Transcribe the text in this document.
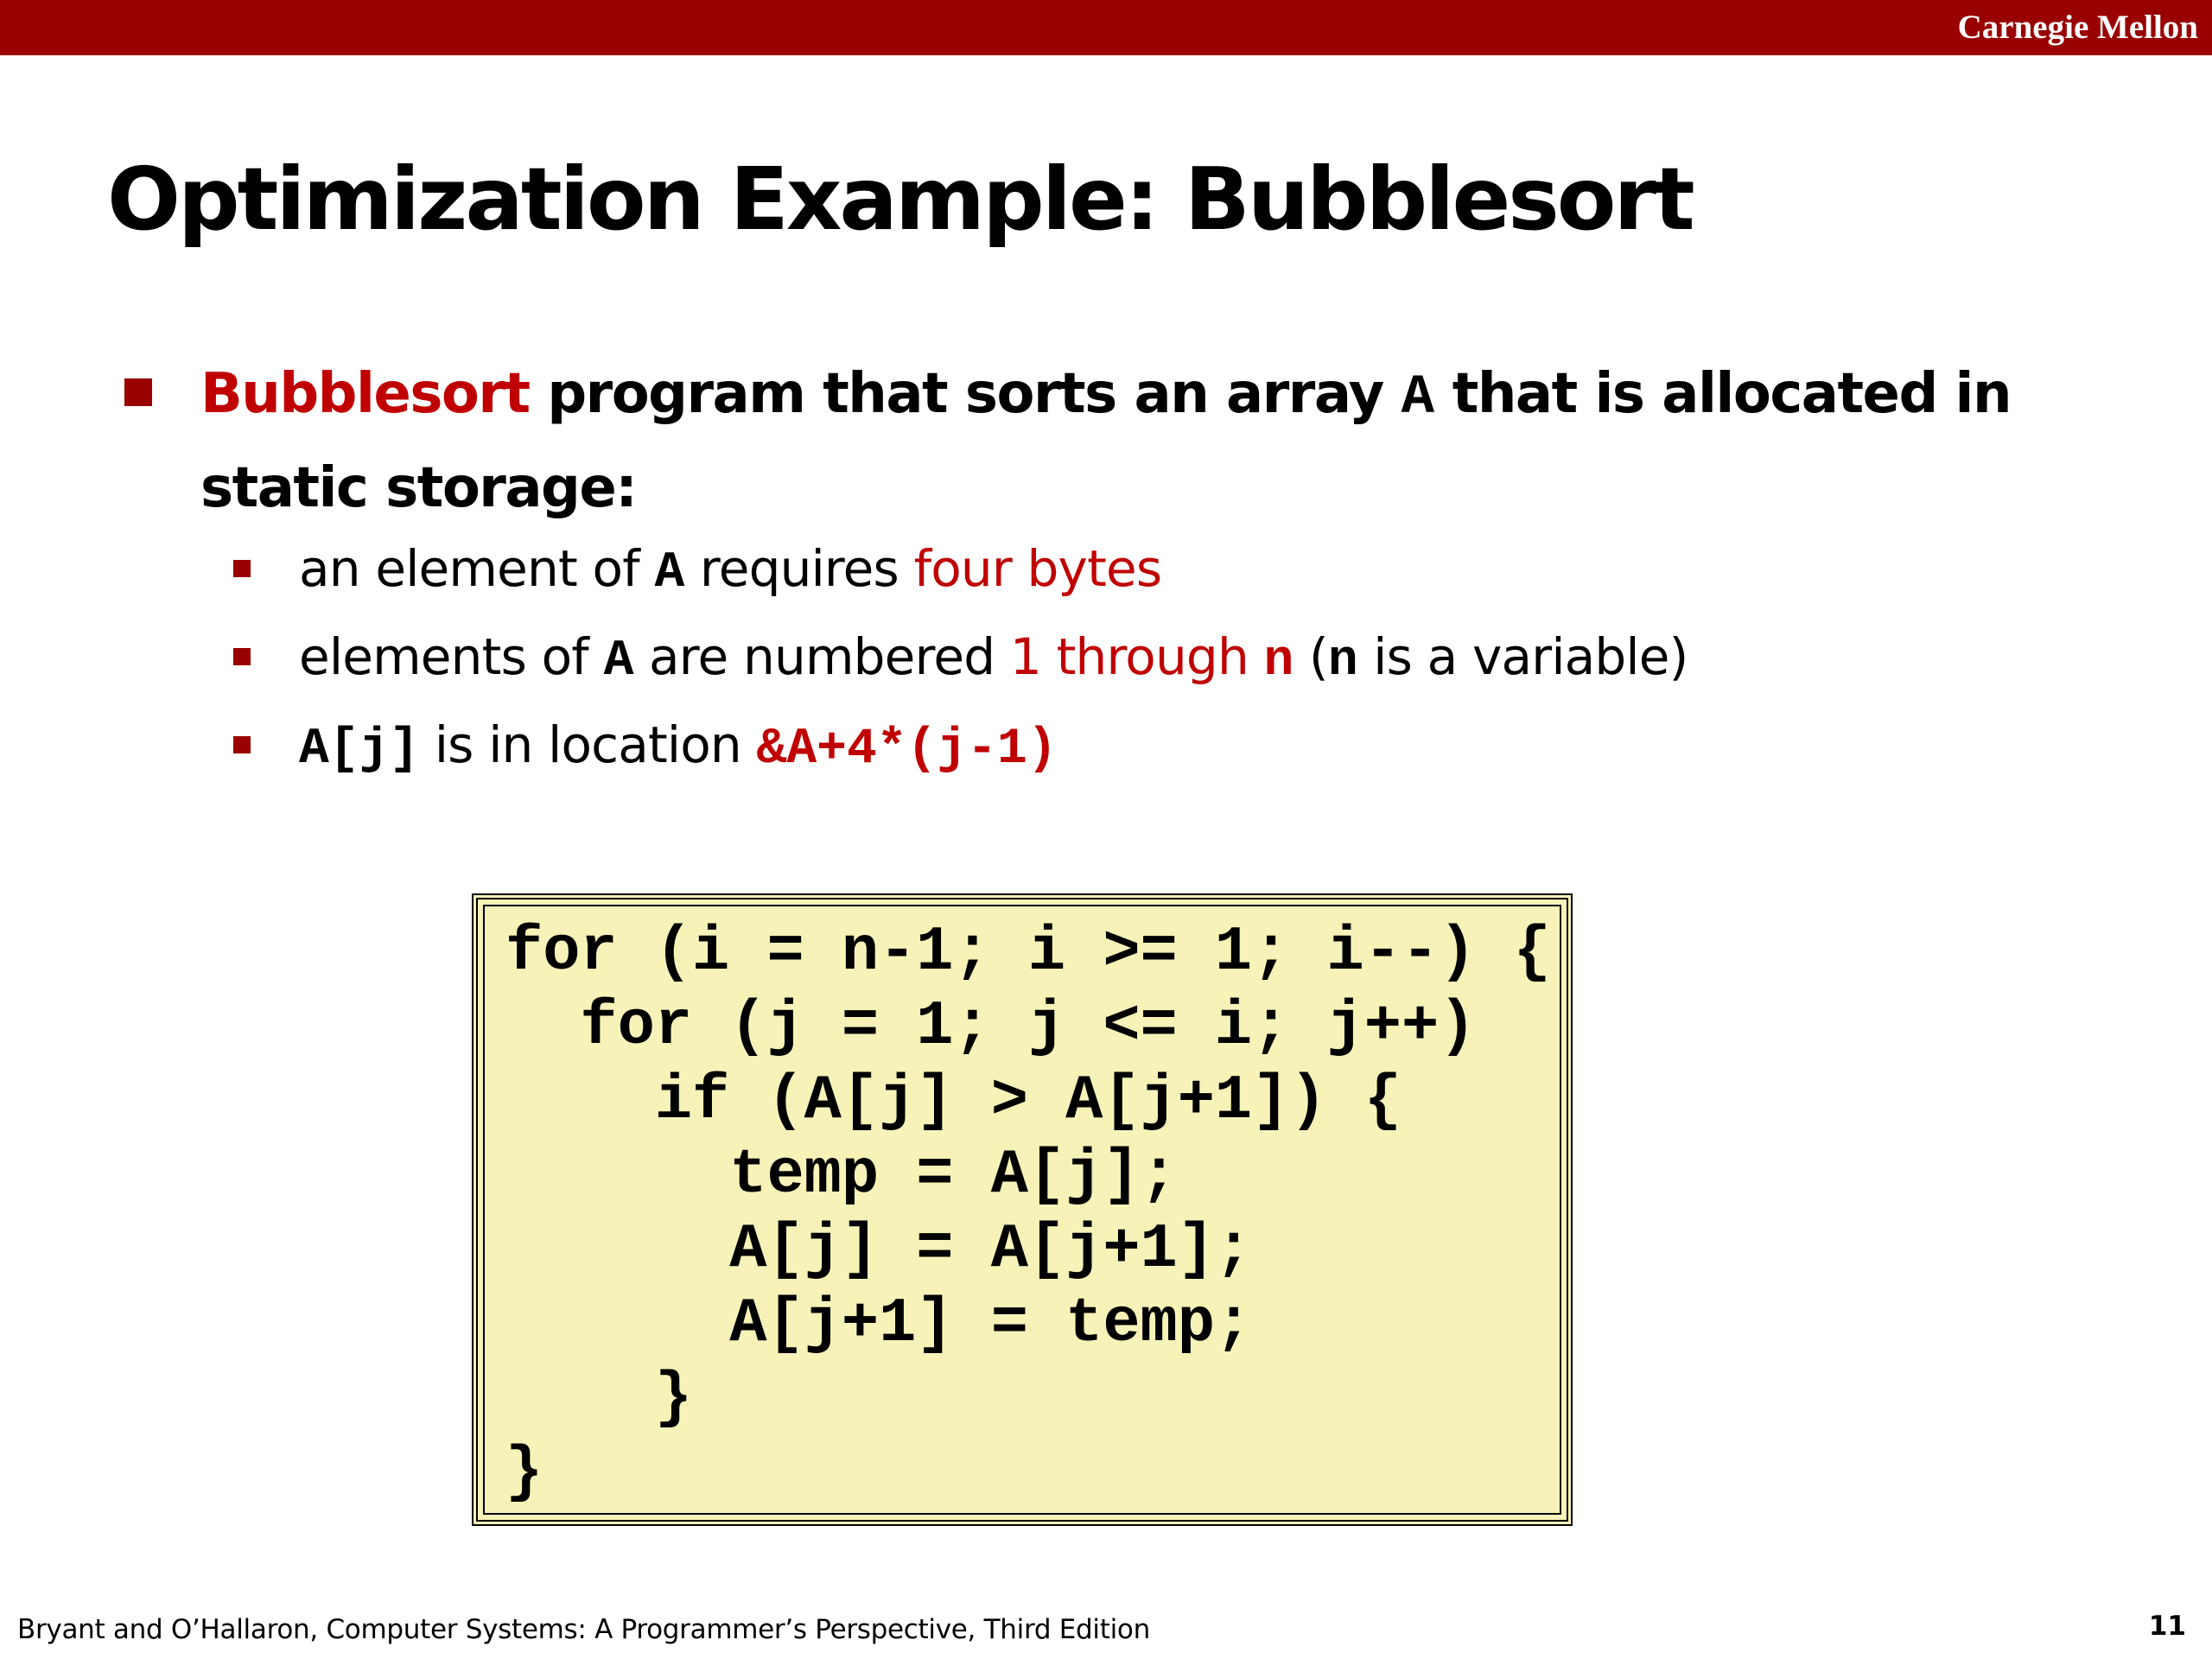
Carnegie Mellon
Optimization Example: Bubblesort
Bubblesort program that sorts an array A that is allocated in static storage:
an element of A requires four bytes
elements of A are numbered 1 through n (n is a variable)
A[j] is in location &A+4*(j-1)
for (i = n-1; i >= 1; i--) {
for (j = 1; j <= i; j++)
if (A[j] > A[j+1]) {
temp = A[j];
A[j] = A[j+1];
A[j+1] = temp;
}
}
Bryant and O’Hallaron, Computer Systems: A Programmer’s Perspective, Third Edition	11
